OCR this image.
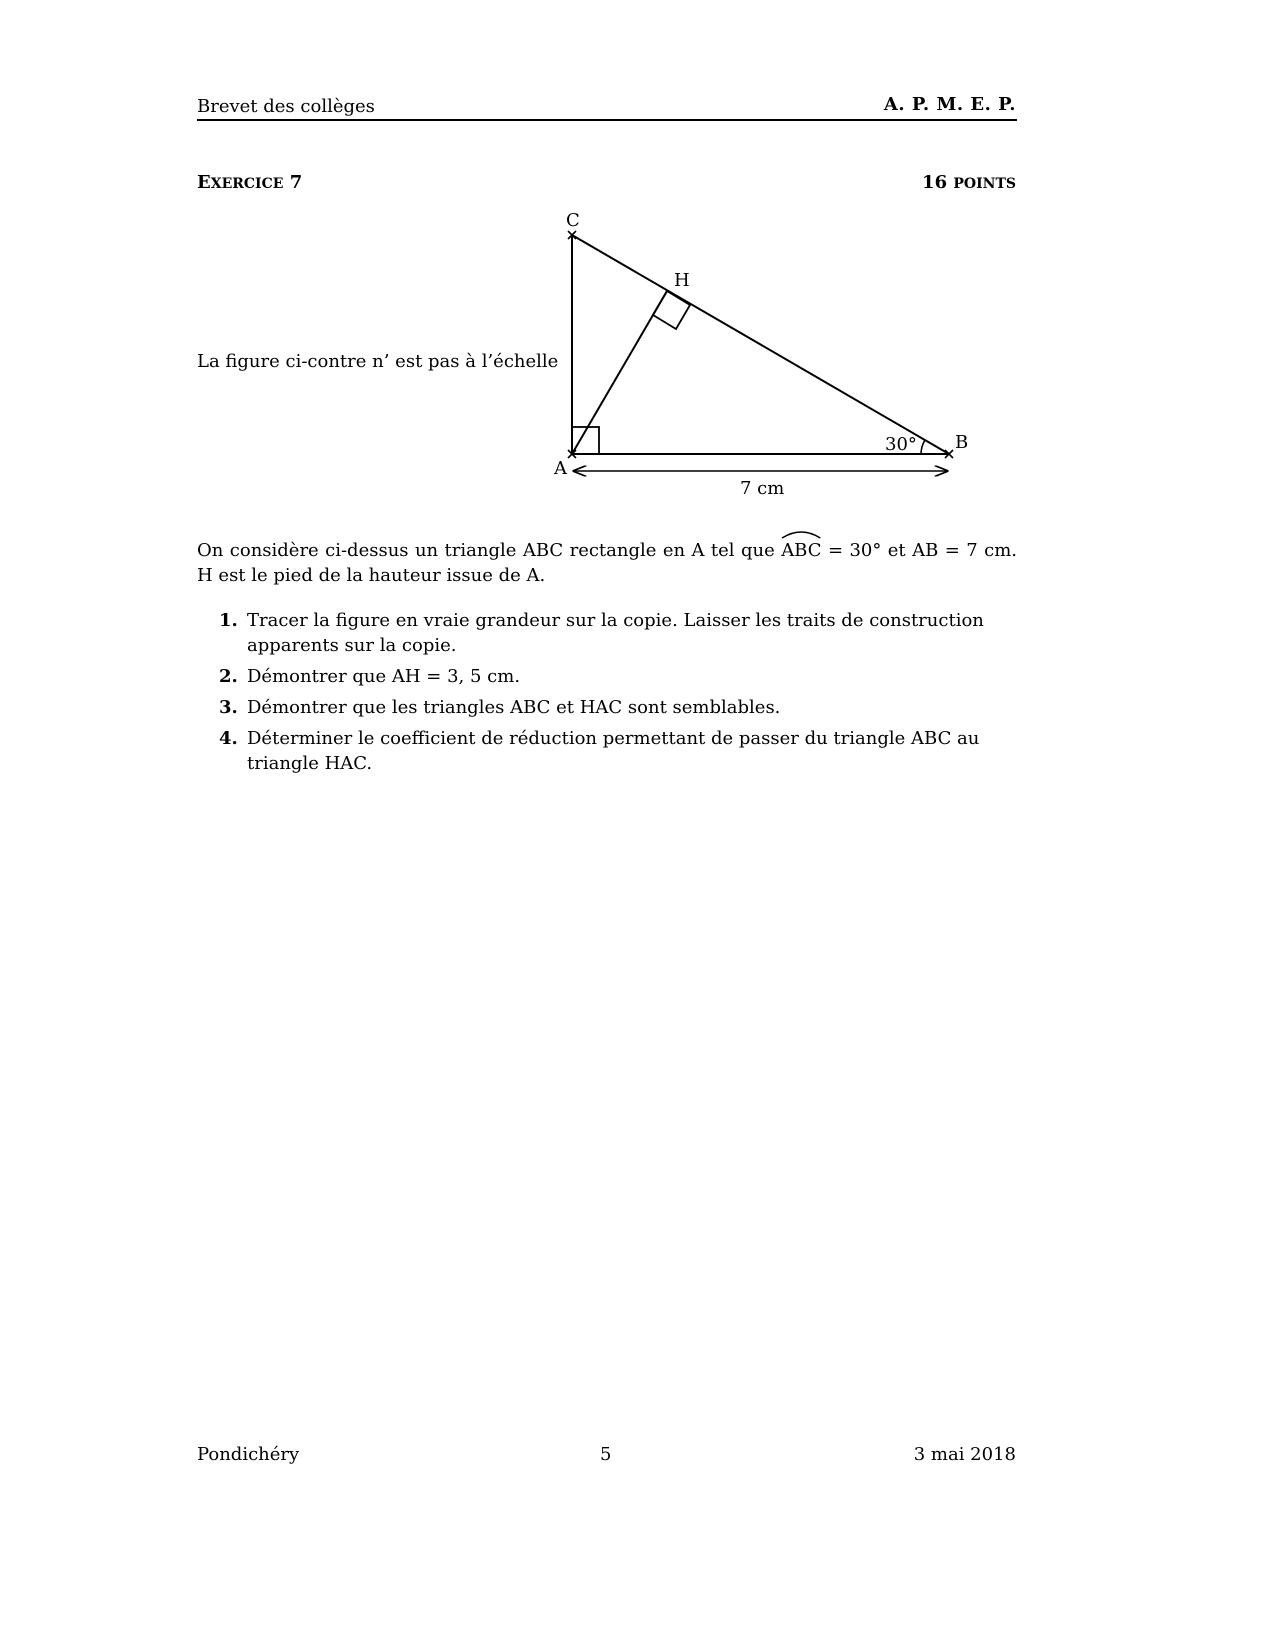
Brevet des collèges	A. P. M. E. P.
EXERCICE 7	16 POINTS
La figure ci-contre n’ est pas à l’échelle
C
H
A
B
30°
7 cm
On considère ci-dessus un triangle ABC rectangle en A tel que
ABC = 30° et AB = 7 cm. H est le pied de la hauteur issue de A.
1. Tracer la figure en vraie grandeur sur la copie. Laisser les traits de construction apparents sur la copie.
2. Démontrer que AH = 3, 5 cm.
3. Démontrer que les triangles ABC et HAC sont semblables.
4. Déterminer le coefficient de réduction permettant de passer du triangle ABC au triangle HAC.
Pondichéry	5	3 mai 2018
